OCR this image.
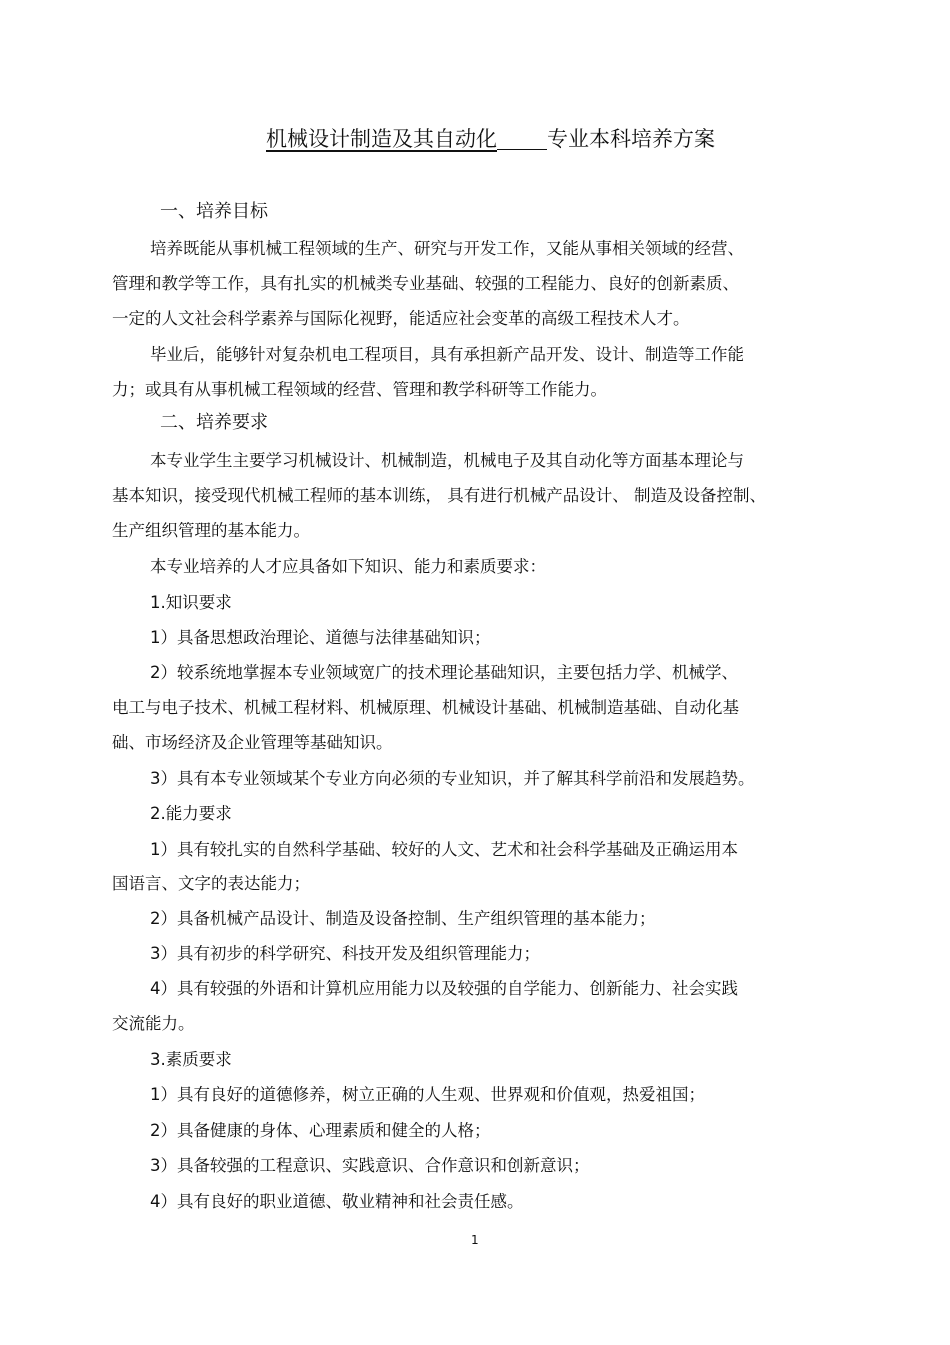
机械设计制造及其自动化 专业本科培养方案
一、培养目标
培养既能从事机械工程领域的生产、研究与开发工作，又能从事相关领域的经营、
管理和教学等工作，具有扎实的机械类专业基础、较强的工程能力、良好的创新素质、
一定的人文社会科学素养与国际化视野，能适应社会变革的高级工程技术人才。
毕业后，能够针对复杂机电工程项目，具有承担新产品开发、设计、制造等工作能
力；或具有从事机械工程领域的经营、管理和教学科研等工作能力。
二、培养要求
本专业学生主要学习机械设计、机械制造，机械电子及其自动化等方面基本理论与
基本知识，接受现代机械工程师的基本训练， 具有进行机械产品设计、 制造及设备控制、
生产组织管理的基本能力。
本专业培养的人才应具备如下知识、能力和素质要求：
1.知识要求
1）具备思想政治理论、道德与法律基础知识；
2）较系统地掌握本专业领域宽广的技术理论基础知识，主要包括力学、机械学、
电工与电子技术、机械工程材料、机械原理、机械设计基础、机械制造基础、自动化基
础、市场经济及企业管理等基础知识。
3）具有本专业领域某个专业方向必须的专业知识，并了解其科学前沿和发展趋势。
2.能力要求
1）具有较扎实的自然科学基础、较好的人文、艺术和社会科学基础及正确运用本
国语言、文字的表达能力；
2）具备机械产品设计、制造及设备控制、生产组织管理的基本能力；
3）具有初步的科学研究、科技开发及组织管理能力；
4）具有较强的外语和计算机应用能力以及较强的自学能力、创新能力、社会实践
交流能力。
3.素质要求
1）具有良好的道德修养，树立正确的人生观、世界观和价值观，热爱祖国；
2）具备健康的身体、心理素质和健全的人格；
3）具备较强的工程意识、实践意识、合作意识和创新意识；
4）具有良好的职业道德、敬业精神和社会责任感。
1
